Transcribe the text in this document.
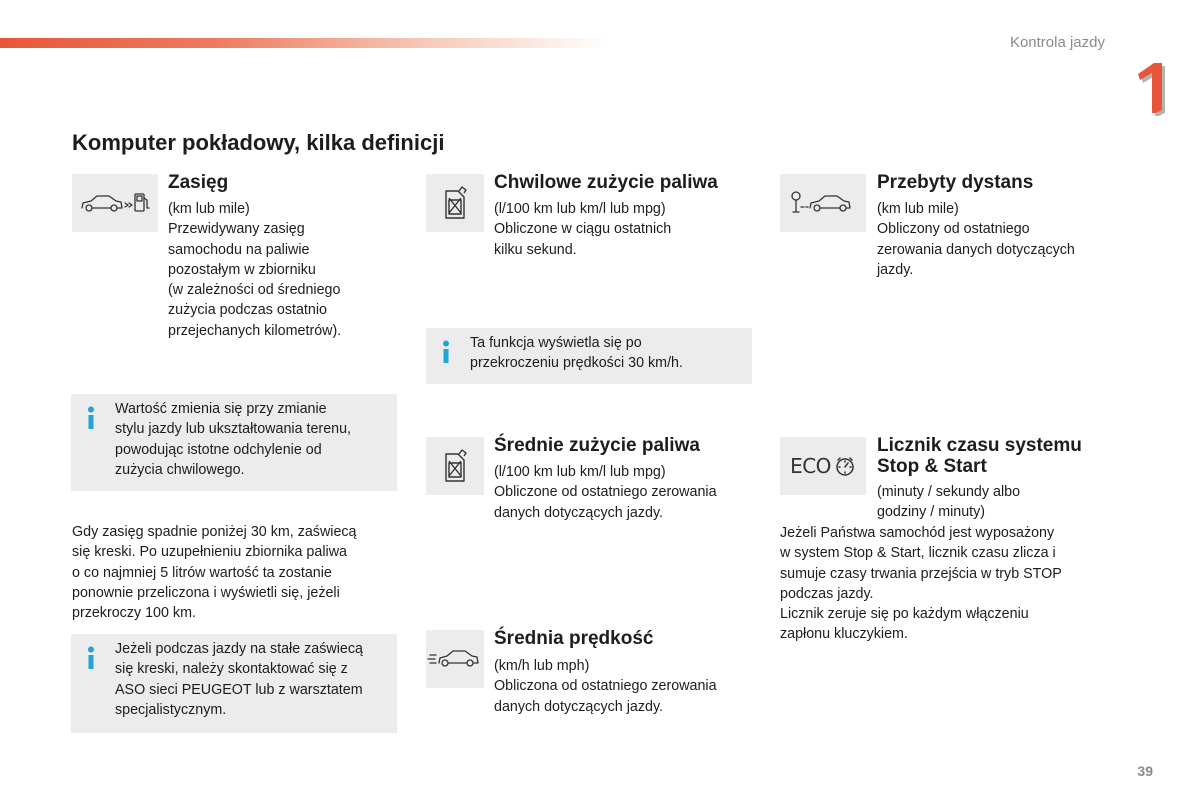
Kontrola jazdy
Komputer pokładowy, kilka definicji
Zasięg
(km lub mile)
Przewidywany zasięg
samochodu na paliwie
pozostałym w zbiorniku
(w zależności od średniego
zużycia podczas ostatnio
przejechanych kilometrów).
Wartość zmienia się przy zmianie
stylu jazdy lub ukształtowania terenu,
powodując istotne odchylenie od
zużycia chwilowego.
Gdy zasięg spadnie poniżej 30 km, zaświecą
się kreski. Po uzupełnieniu zbiornika paliwa
o co najmniej 5 litrów wartość ta zostanie
ponownie przeliczona i wyświetli się, jeżeli
przekroczy 100 km.
Jeżeli podczas jazdy na stałe zaświecą
się kreski, należy skontaktować się z
ASO sieci PEUGEOT lub z warsztatem
specjalistycznym.
Chwilowe zużycie paliwa
(l/100 km lub km/l lub mpg)
Obliczone w ciągu ostatnich
kilku sekund.
Ta funkcja wyświetla się po
przekroczeniu prędkości 30 km/h.
Średnie zużycie paliwa
(l/100 km lub km/l lub mpg)
Obliczone od ostatniego zerowania
danych dotyczących jazdy.
Średnia prędkość
(km/h lub mph)
Obliczona od ostatniego zerowania
danych dotyczących jazdy.
Przebyty dystans
(km lub mile)
Obliczony od ostatniego
zerowania danych dotyczących
jazdy.
ECO
Licznik czasu systemu
Stop & Start
(minuty / sekundy albo
godziny / minuty)
Jeżeli Państwa samochód jest wyposażony
w system Stop & Start, licznik czasu zlicza i
sumuje czasy trwania przejścia w tryb STOP
podczas jazdy.
Licznik zeruje się po każdym włączeniu
zapłonu kluczykiem.
39
